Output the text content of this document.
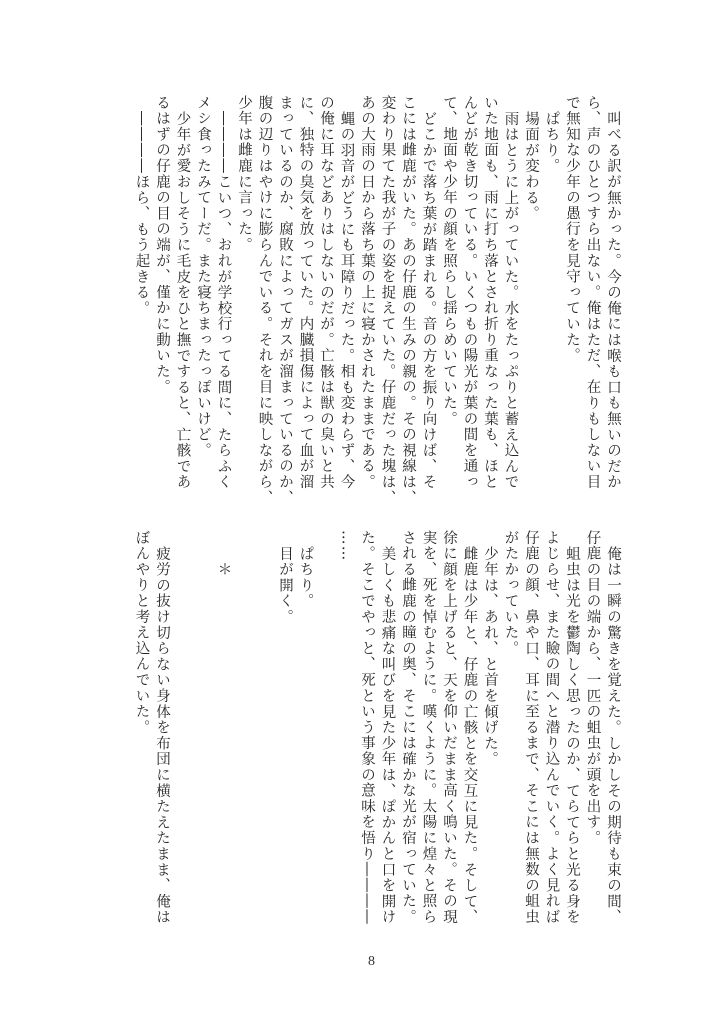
叫べる訳が無かった。今の俺には喉も口も無いのだか
ら、声のひとつすら出ない。俺はただ、在りもしない目
で無知な少年の愚行を見守っていた。
ぱちり。
場面が変わる。
雨はとうに上がっていた。水をたっぷりと蓄え込んで
いた地面も、雨に打ち落とされ折り重なった葉も、ほと
んどが乾き切っている。いくつもの陽光が葉の間を通っ
て、地面や少年の顔を照らし揺らめいていた。
どこかで落ち葉が踏まれる。音の方を振り向けば、そ
こには雌鹿がいた。あの仔鹿の生みの親の。その視線は、
変わり果てた我が子の姿を捉えていた。仔鹿だった塊は、
あの大雨の日から落ち葉の上に寝かされたままである。
蝿の羽音がどうにも耳障りだった。相も変わらず、今
の俺に耳などありはしないのだが。亡骸は獣の臭いと共
に、独特の臭気を放っていた。内臓損傷によって血が溜
まっているのか、腐敗によってガスが溜まっているのか、
腹の辺りはやけに膨らんでいる。それを目に映しながら、
少年は雌鹿に言った。
――――こいつ、おれが学校行ってる間に、たらふく
メシ食ったみてーだ。また寝ちまったっぽいけど。
少年が愛おしそうに毛皮をひと撫ですると、亡骸であ
るはずの仔鹿の目の端が、僅かに動いた。
――――ほら、もう起きる。
俺は一瞬の驚きを覚えた。しかしその期待も束の間、
仔鹿の目の端から、一匹の蛆虫が頭を出す。
蛆虫は光を鬱陶しく思ったのか、てらてらと光る身を
よじらせ、また瞼の間へと潜り込んでいく。よく見れば
仔鹿の顔、鼻や口、耳に至るまで、そこには無数の蛆虫
がたかっていた。
少年は、あれ、と首を傾げた。
雌鹿は少年と、仔鹿の亡骸とを交互に見た。そして、
徐に顔を上げると、天を仰いだまま高く鳴いた。その現
実を、死を悼むように。嘆くように。太陽に煌々と照ら
される雌鹿の瞳の奥、そこには確かな光が宿っていた。
美しくも悲痛な叫びを見た少年は、ぽかんと口を開け
た。そこでやっと、死という事象の意味を悟り――――
……
ぱちり。
目が開く。
＊
疲労の抜け切らない身体を布団に横たえたまま、俺は
ぼんやりと考え込んでいた。
8
